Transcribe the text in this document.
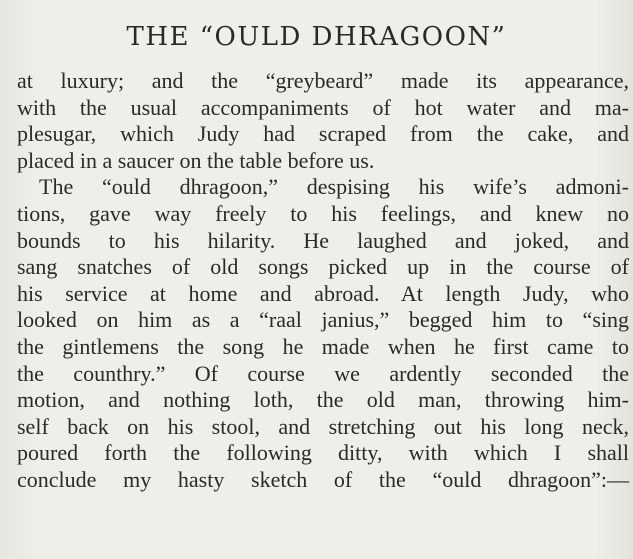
THE “OULD DHRAGOON”
at luxury; and the “greybeard” made its appearance,
with the usual accompaniments of hot water and ma-
plesugar, which Judy had scraped from the cake, and
placed in a saucer on the table before us.
The “ould dhragoon,” despising his wife’s admoni-
tions, gave way freely to his feelings, and knew no
bounds to his hilarity. He laughed and joked, and
sang snatches of old songs picked up in the course of
his service at home and abroad. At length Judy, who
looked on him as a “raal janius,” begged him to “sing
the gintlemens the song he made when he first came to
the counthry.” Of course we ardently seconded the
motion, and nothing loth, the old man, throwing him-
self back on his stool, and stretching out his long neck,
poured forth the following ditty, with which I shall
conclude my hasty sketch of the “ould dhragoon”:—
